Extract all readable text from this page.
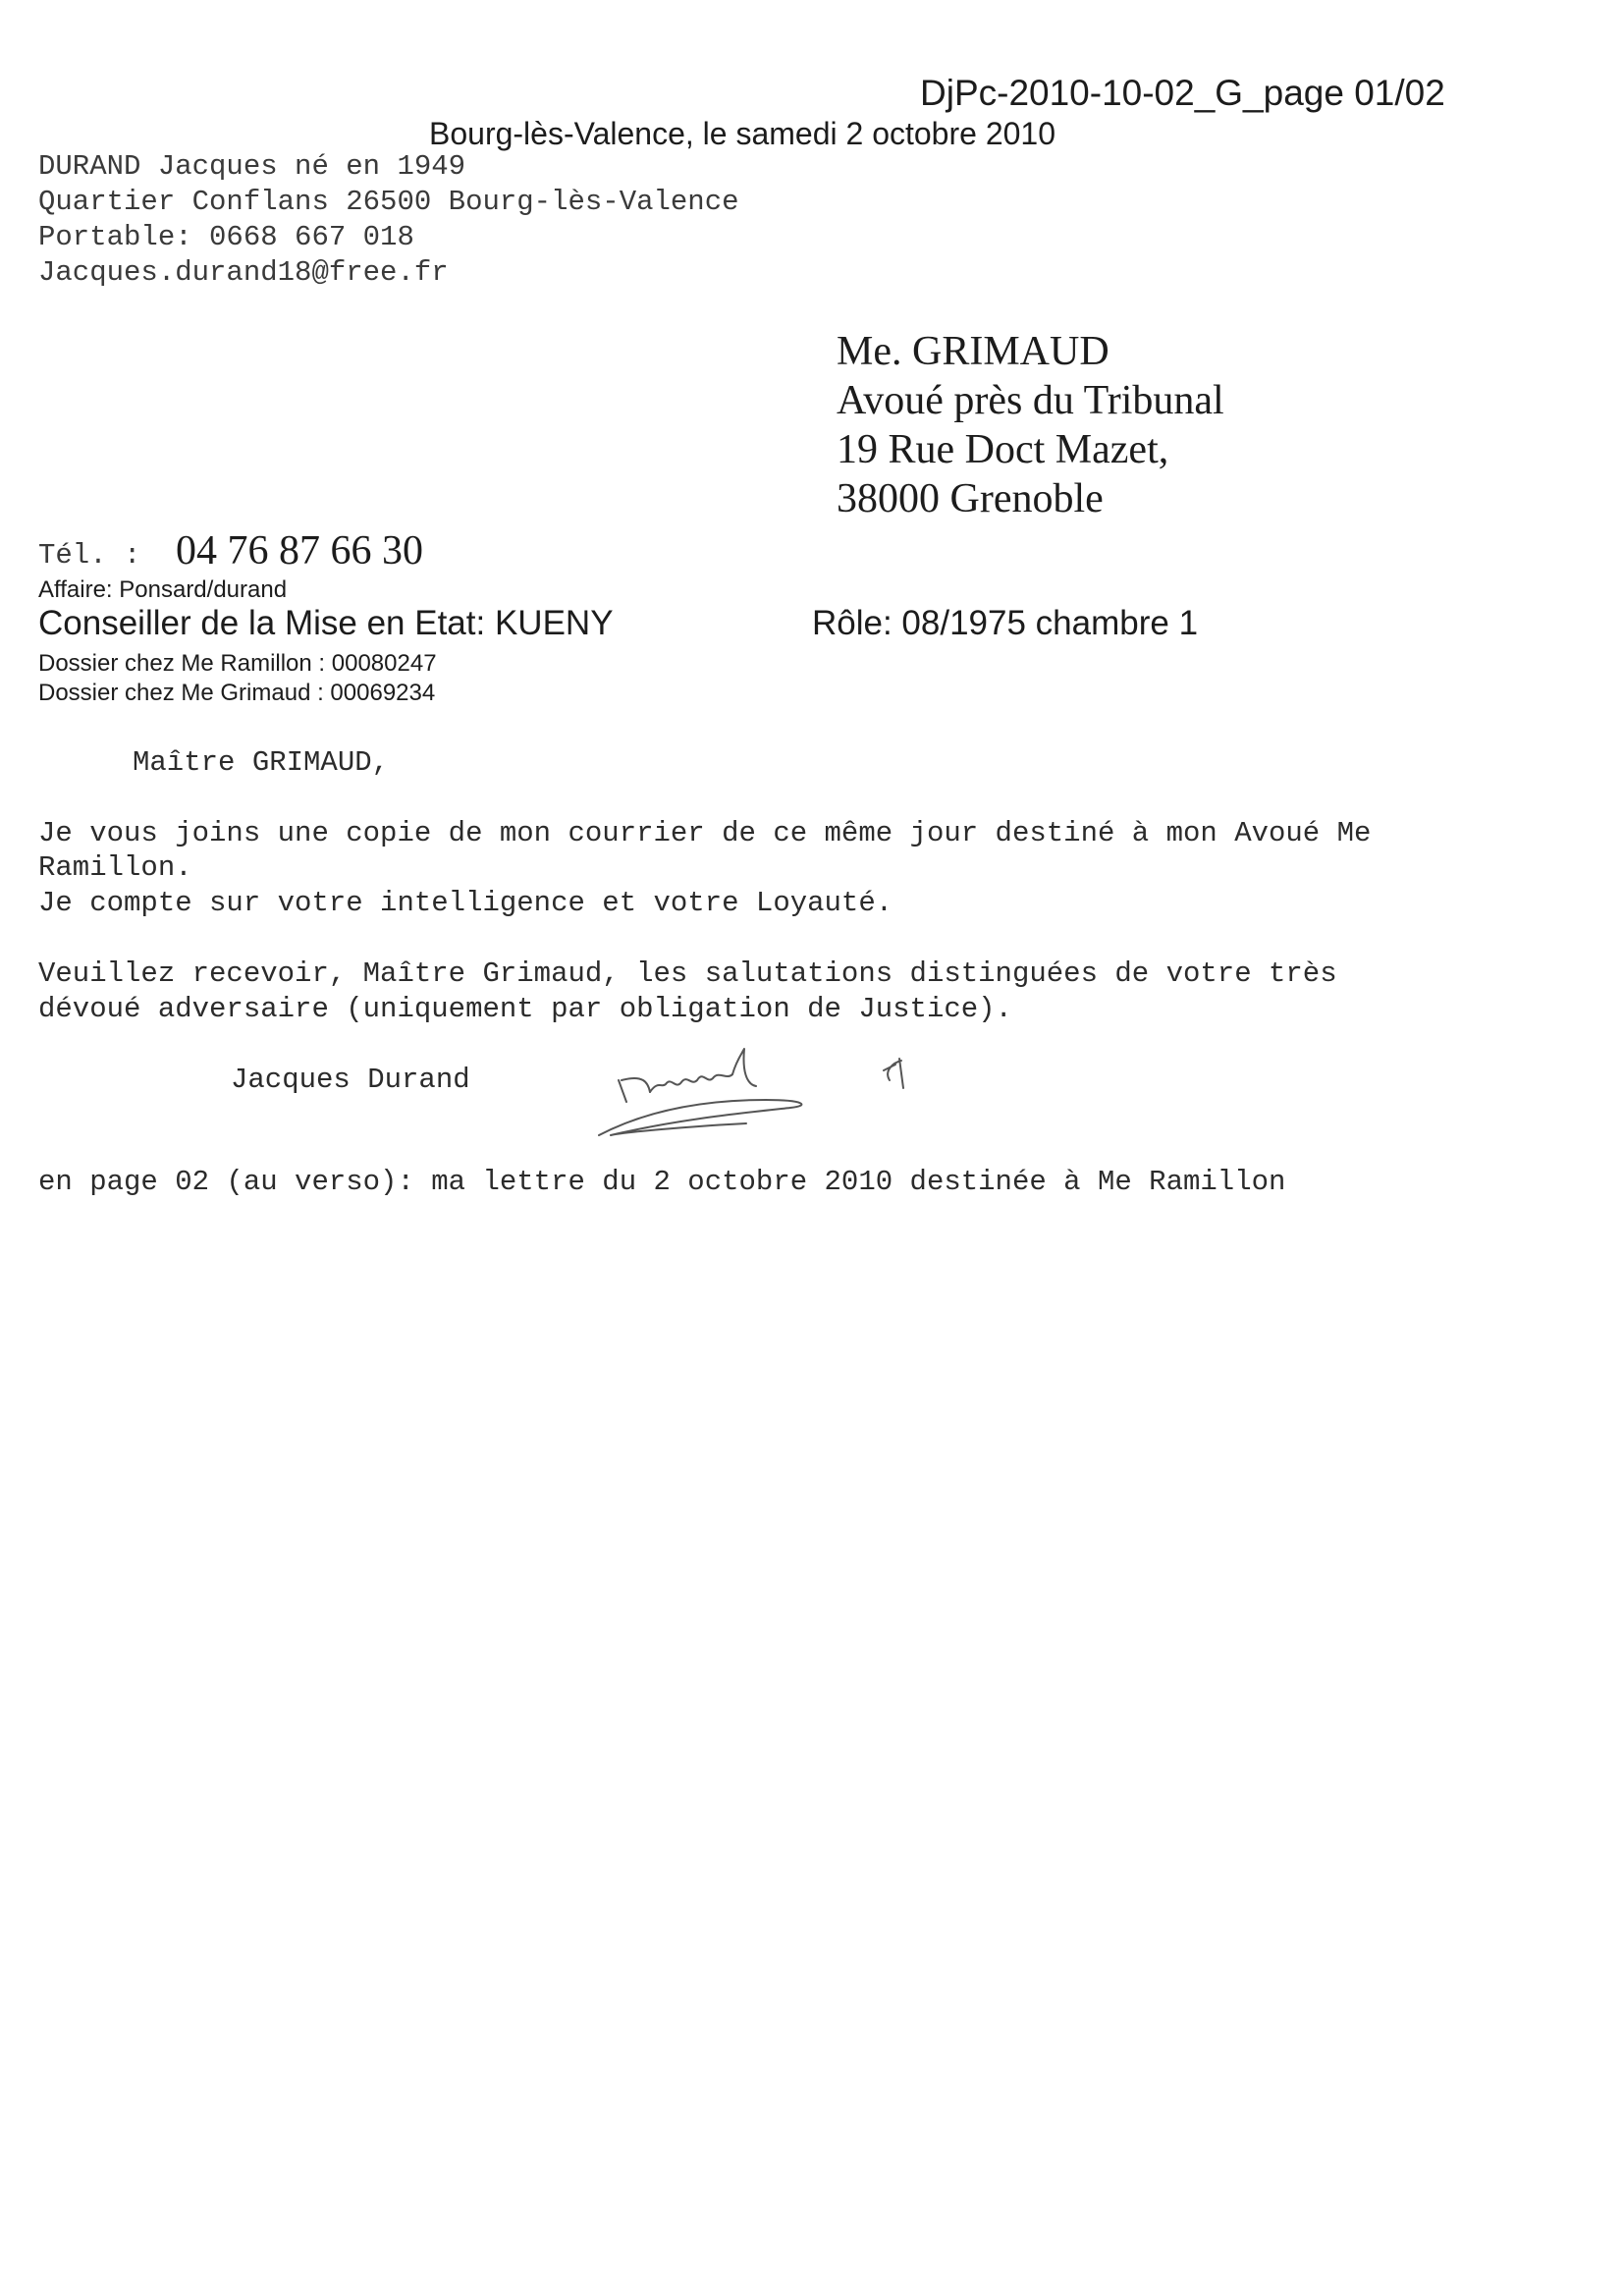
DjPc-2010-10-02_G_page 01/02
Bourg-lès-Valence, le samedi 2 octobre 2010
DURAND Jacques né en 1949
Quartier Conflans 26500 Bourg-lès-Valence
Portable: 0668 667 018
Jacques.durand18@free.fr
Me. GRIMAUD
Avoué près du Tribunal
19 Rue Doct Mazet,
38000 Grenoble
Tél. : 04 76 87 66 30
Affaire: Ponsard/durand
Conseiller de la Mise en Etat: KUENY	Rôle: 08/1975 chambre 1
Dossier chez Me Ramillon : 00080247
Dossier chez Me Grimaud : 00069234
Maître GRIMAUD,
Je vous joins une copie de mon courrier de ce même jour destiné à mon Avoué Me
Ramillon.
Je compte sur votre intelligence et votre Loyauté.
Veuillez recevoir, Maître Grimaud, les salutations distinguées de votre très
dévoué adversaire (uniquement par obligation de Justice).
Jacques Durand
en page 02 (au verso): ma lettre du 2 octobre 2010 destinée à Me Ramillon
